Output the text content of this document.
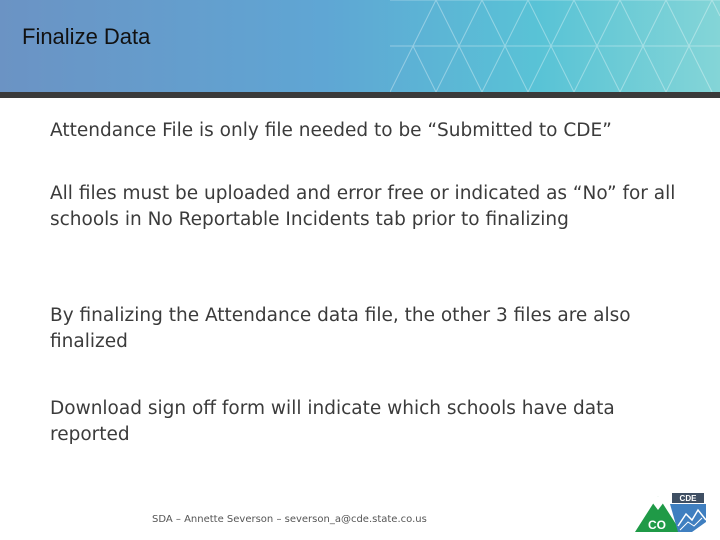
Finalize Data

Attendance File is only file needed to be “Submitted to CDE”

All files must be uploaded and error free or indicated as “No” for all schools in No Reportable Incidents tab prior to finalizing

By finalizing the Attendance data file, the other 3 files are also finalized

Download sign off form will indicate which schools have data reported

SDA – Annette Severson – severson_a@cde.state.co.us
CDE
CO
